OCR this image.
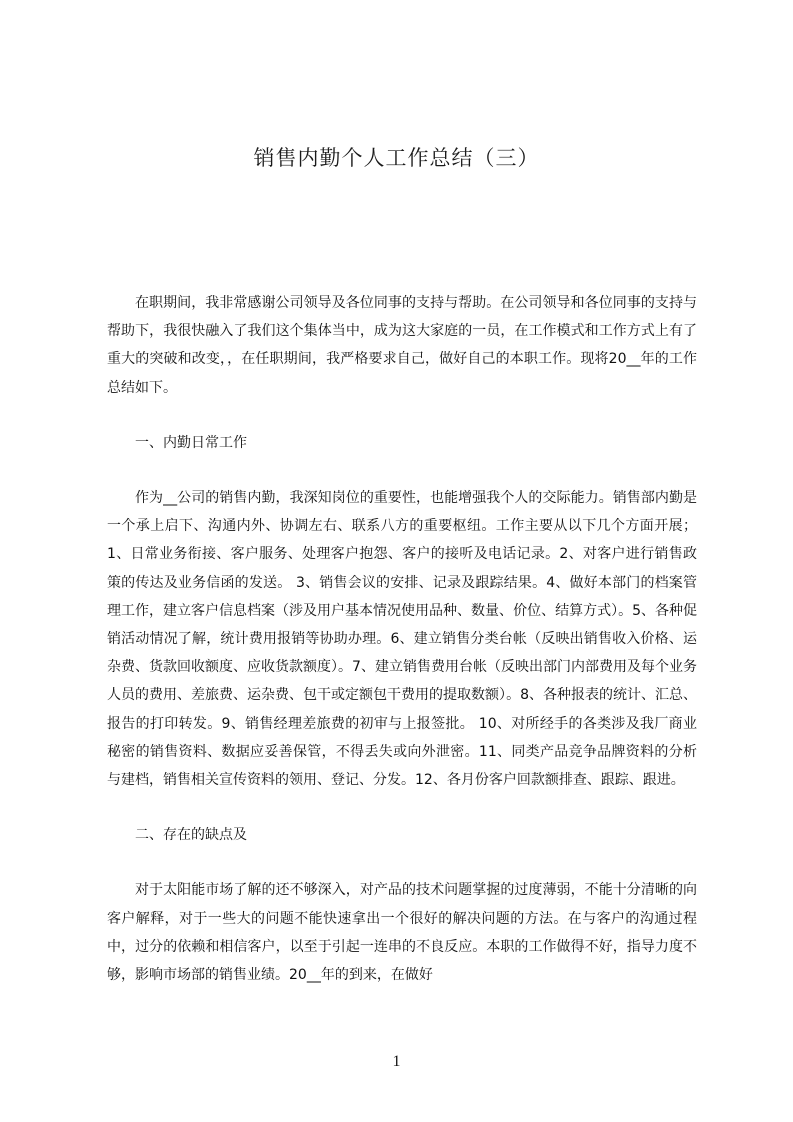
销售内勤个人工作总结（三）

在职期间，我非常感谢公司领导及各位同事的支持与帮助。在公司领导和各位同事的支持与帮助下，我很快融入了我们这个集体当中，成为这大家庭的一员，在工作模式和工作方式上有了重大的突破和改变，，在任职期间，我严格要求自己，做好自己的本职工作。现将20__年的工作总结如下。

一、内勤日常工作

作为__公司的销售内勤，我深知岗位的重要性，也能增强我个人的交际能力。销售部内勤是一个承上启下、沟通内外、协调左右、联系八方的重要枢纽。工作主要从以下几个方面开展；1、日常业务衔接、客户服务、处理客户抱怨、客户的接听及电话记录。2、对客户进行销售政策的传达及业务信函的发送。 3、销售会议的安排、记录及跟踪结果。4、做好本部门的档案管理工作，建立客户信息档案（涉及用户基本情况使用品种、数量、价位、结算方式）。5、各种促销活动情况了解，统计费用报销等协助办理。6、建立销售分类台帐（反映出销售收入价格、运杂费、货款回收额度、应收货款额度）。7、建立销售费用台帐（反映出部门内部费用及每个业务人员的费用、差旅费、运杂费、包干或定额包干费用的提取数额）。8、各种报表的统计、汇总、报告的打印转发。9、销售经理差旅费的初审与上报签批。 10、对所经手的各类涉及我厂商业秘密的销售资料、数据应妥善保管，不得丢失或向外泄密。11、同类产品竞争品牌资料的分析与建档，销售相关宣传资料的领用、登记、分发。12、各月份客户回款额排查、跟踪、跟进。

二、存在的缺点及

对于太阳能市场了解的还不够深入，对产品的技术问题掌握的过度薄弱，不能十分清晰的向客户解释，对于一些大的问题不能快速拿出一个很好的解决问题的方法。在与客户的沟通过程中，过分的依赖和相信客户，以至于引起一连串的不良反应。本职的工作做得不好，指导力度不够，影响市场部的销售业绩。20__年的到来，在做好

1
